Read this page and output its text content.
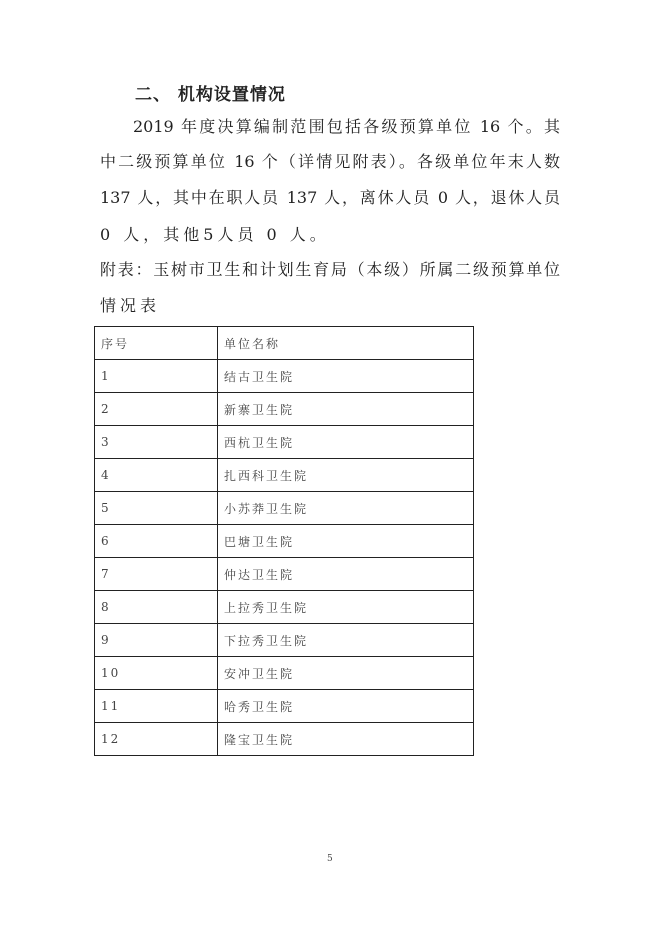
二、 机构设置情况
2019 年度决算编制范围包括各级预算单位 16 个。其
中二级预算单位 16 个（详情见附表）。各级单位年末人数
137 人，其中在职人员 137 人，离休人员 0 人，退休人员
0 人，其他5人员 0 人。
附表：玉树市卫生和计划生育局（本级）所属二级预算单位
情况表
序号	单位名称
1	结古卫生院
2	新寨卫生院
3	西杭卫生院
4	扎西科卫生院
5	小苏莽卫生院
6	巴塘卫生院
7	仲达卫生院
8	上拉秀卫生院
9	下拉秀卫生院
10	安冲卫生院
11	哈秀卫生院
12	隆宝卫生院
5
